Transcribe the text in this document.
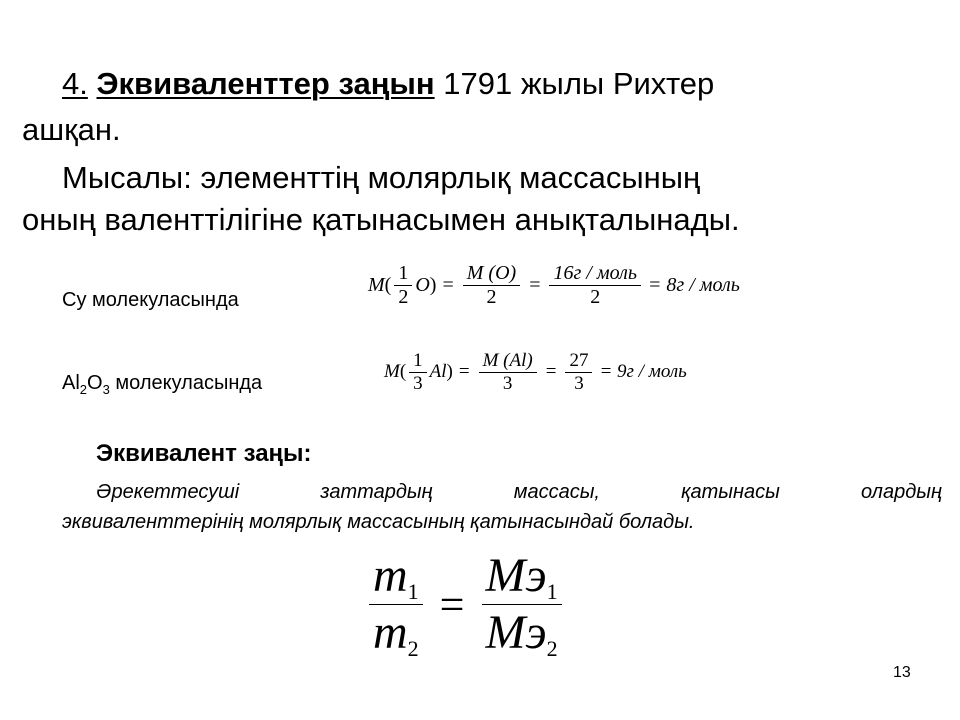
4. Эквиваленттер заңын 1791 жылы Рихтер
ашқан.
Мысалы: элементтің молярлық массасының
оның валенттілігіне қатынасымен анықталынады.
Су молекуласында
M ( $\frac{1}{2}$ O ) = $\frac{M (O)}{2} = \frac{\text{16г / моль}}{2} = 8г$ / моль
$Al_2O_3$ молекуласында
M ( $\frac{1}{3}$ Al ) = $\frac{M (Al)}{3} = \frac{27}{3} = 9г$ / моль
Эквивалент заңы:
Әрекеттесуші	заттардың	массасы,	қатынасы	олардың
эквиваленттерінің молярлық массасының қатынасындай болады.
$\frac{m_1}{m_2} = \frac{Mэ_1}{Mэ_2}$
13
